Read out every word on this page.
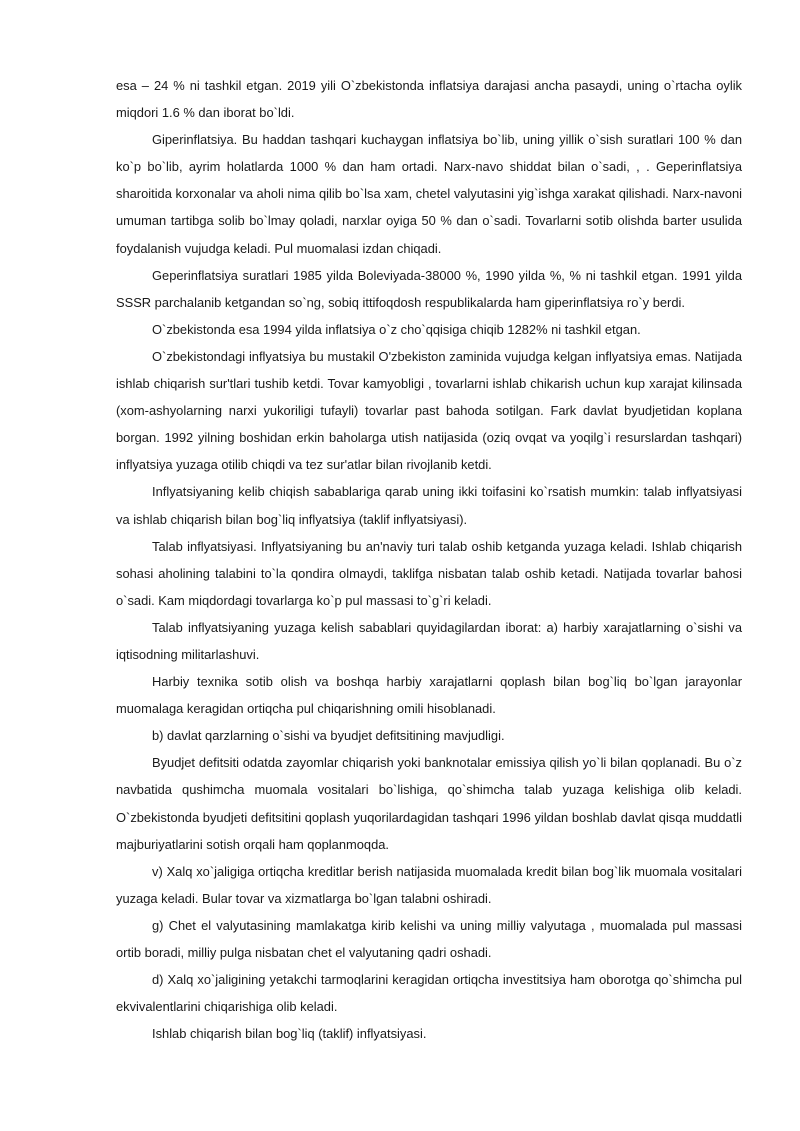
esa – 24 % ni tashkil etgan. 2019 yili O`zbekistonda inflatsiya darajasi ancha pasaydi, uning o`rtacha oylik miqdori 1.6 % dan iborat bo`ldi.

Giperinflatsiya. Bu haddan tashqari kuchaygan inflatsiya bo`lib, uning yillik o`sish suratlari 100 % dan ko`p bo`lib, ayrim holatlarda 1000 % dan ham ortadi. Narx-navo shiddat bilan o`sadi, , . Geperinflatsiya sharoitida korxonalar va aholi nima qilib bo`lsa xam, chetel valyutasini yig`ishga xarakat qilishadi. Narx-navoni umuman tartibga solib bo`lmay qoladi, narxlar oyiga 50 % dan o`sadi. Tovarlarni sotib olishda barter usulida foydalanish vujudga keladi. Pul muomalasi izdan chiqadi.

Geperinflatsiya suratlari 1985 yilda Boleviyada-38000 %, 1990 yilda %, % ni tashkil etgan. 1991 yilda SSSR parchalanib ketgandan so`ng, sobiq ittifoqdosh respublikalarda ham giperinflatsiya ro`y berdi.

O`zbekistonda esa 1994 yilda inflatsiya o`z cho`qqisiga chiqib 1282% ni tashkil etgan.

O`zbekistondagi inflyatsiya bu mustakil O'zbekiston zaminida vujudga kelgan inflyatsiya emas. Natijada ishlab chiqarish sur'tlari tushib ketdi. Tovar kamyobligi , tovarlarni ishlab chikarish uchun kup xarajat kilinsada (xom-ashyolarning narxi yukoriligi tufayli) tovarlar past bahoda sotilgan. Fark davlat byudjetidan koplana borgan. 1992 yilning boshidan erkin baholarga utish natijasida (oziq ovqat va yoqilg`i resurslardan tashqari) inflyatsiya yuzaga otilib chiqdi va tez sur'atlar bilan rivojlanib ketdi.

Inflyatsiyaning kelib chiqish sabablariga qarab uning ikki toifasini ko`rsatish mumkin: talab inflyatsiyasi va ishlab chiqarish bilan bog`liq inflyatsiya (taklif inflyatsiyasi).

Talab inflyatsiyasi. Inflyatsiyaning bu an'naviy turi talab oshib ketganda yuzaga keladi. Ishlab chiqarish sohasi aholining talabini to`la qondira olmaydi, taklifga nisbatan talab oshib ketadi. Natijada tovarlar bahosi o`sadi. Kam miqdordagi tovarlarga ko`p pul massasi to`g`ri keladi.

Talab inflyatsiyaning yuzaga kelish sabablari quyidagilardan iborat: a) harbiy xarajatlarning o`sishi va iqtisodning militarlashuvi.

Harbiy texnika sotib olish va boshqa harbiy xarajatlarni qoplash bilan bog`liq bo`lgan jarayonlar muomalaga keragidan ortiqcha pul chiqarishning omili hisoblanadi.

b) davlat qarzlarning o`sishi va byudjet defitsitining mavjudligi.

Byudjet defitsiti odatda zayomlar chiqarish yoki banknotalar emissiya qilish yo`li bilan qoplanadi. Bu o`z navbatida qushimcha muomala vositalari bo`lishiga, qo`shimcha talab yuzaga kelishiga olib keladi. O`zbekistonda byudjeti defitsitini qoplash yuqorilardagidan tashqari 1996 yildan boshlab davlat qisqa muddatli majburiyatlarini sotish orqali ham qoplanmoqda.

v) Xalq xo`jaligiga ortiqcha kreditlar berish natijasida muomalada kredit bilan bog`lik muomala vositalari yuzaga keladi. Bular tovar va xizmatlarga bo`lgan talabni oshiradi.

g) Chet el valyutasining mamlakatga kirib kelishi va uning milliy valyutaga , muomalada pul massasi ortib boradi, milliy pulga nisbatan chet el valyutaning qadri oshadi.

d) Xalq xo`jaligining yetakchi tarmoqlarini keragidan ortiqcha investitsiya ham oborotga qo`shimcha pul ekvivalentlarini chiqarishiga olib keladi.

Ishlab chiqarish bilan bog`liq (taklif) inflyatsiyasi.
